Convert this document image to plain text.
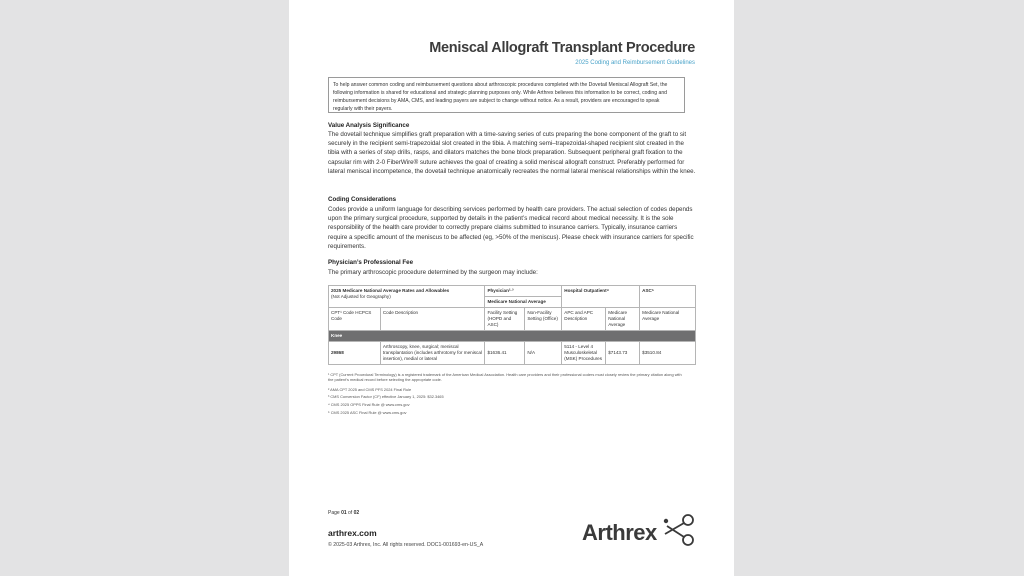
Meniscal Allograft Transplant Procedure
2025 Coding and Reimbursement Guidelines
To help answer common coding and reimbursement questions about arthroscopic procedures completed with the Dovetail Meniscal Allograft Set, the following information is shared for educational and strategic planning purposes only. While Arthrex believes this information to be correct, coding and reimbursement decisions by AMA, CMS, and leading payers are subject to change without notice. As a result, providers are encouraged to speak regularly with their payers.
Value Analysis Significance
The dovetail technique simplifies graft preparation with a time-saving series of cuts preparing the bone component of the graft to sit securely in the recipient semi-trapezoidal slot created in the tibia. A matching semi–trapezoidal-shaped recipient slot created in the tibia with a series of step drills, rasps, and dilators matches the bone block preparation. Subsequent peripheral graft fixation to the capsular rim with 2-0 FiberWire® suture achieves the goal of creating a solid meniscal allograft construct. Preferably performed for lateral meniscal incompetence, the dovetail technique anatomically recreates the normal lateral meniscal relationships within the knee.
Coding Considerations
Codes provide a uniform language for describing services performed by health care providers. The actual selection of codes depends upon the primary surgical procedure, supported by details in the patient’s medical record about medical necessity. It is the sole responsibility of the health care provider to correctly prepare claims submitted to insurance carriers. Typically, insurance carriers require a specific amount of the meniscus to be affected (eg, >50% of the meniscus). Please check with insurance carriers for specific requirements.
Physician’s Professional Fee
The primary arthroscopic procedure determined by the surgeon may include:
2025 Medicare National Average Rates and Allowables
(Not Adjusted for Geography)		Physician²·³		Hospital Outpatient⁴		ASC⁵
		Medicare National Average				
CPT¹ Code HCPCS Code	Code Description	Facility Setting (HOPD and ASC)	Non-Facility Setting (Office)	APC and APC Description	Medicare National Average	Medicare National Average
Knee						
29868	Arthroscopy, knee, surgical; meniscal transplantation (includes arthrotomy for meniscal insertion), medial or lateral	$1636.41	N/A	5114 - Level 4 Musculoskeletal (MSK) Procedures	$7143.73	$3510.84
¹ CPT (Current Procedural Terminology) is a registered trademark of the American Medical Association. Health care providers and their professional coders must closely review the primary citation along with the patient’s medical record before selecting the appropriate code.
² AMA CPT 2025 and CMS PFS 2024 Final Rule
³ CMS Conversion Factor (CF) effective January 1, 2025: $32.3465
⁴ CMS 2025 OPPS Final Rule @ www.cms.gov
⁵ CMS 2025 ASC Final Rule @ www.cms.gov
Page 01 of 02
arthrex.com
© 2025-03 Arthrex, Inc. All rights reserved. DOC1-001693-en-US_A	Arthrex
